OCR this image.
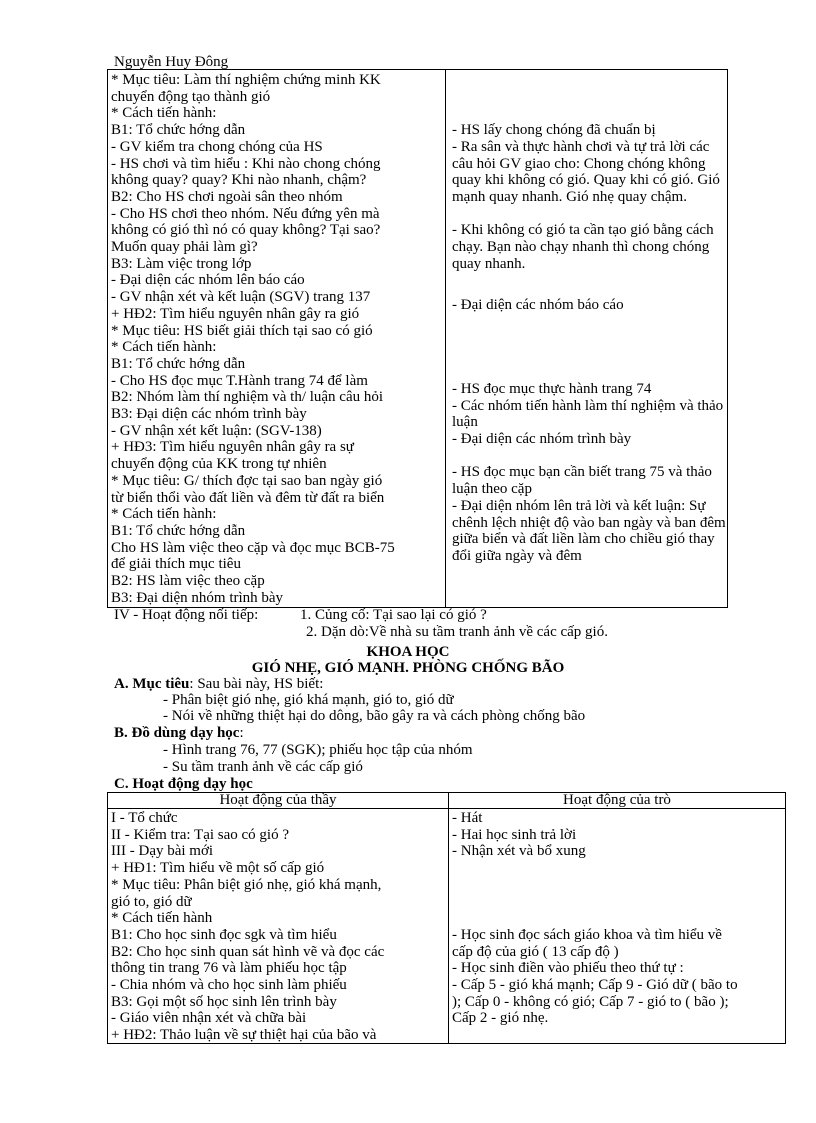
Nguyễn Huy Đông
* Mục tiêu: Làm thí nghiệm chứng minh KK
chuyển động tạo thành gió
* Cách tiến hành:
B1: Tổ chức hớng dẫn
- GV kiểm tra chong chóng của HS
- HS chơi và tìm hiểu : Khi nào chong chóng
không quay? quay? Khi nào nhanh, chậm?
B2: Cho HS chơi ngoài sân theo nhóm
- Cho HS chơi theo nhóm. Nếu đứng yên mà
không có gió thì nó có quay không? Tại sao?
Muốn quay phải làm gì?
B3: Làm việc trong lớp
- Đại diện các nhóm lên báo cáo
- GV nhận xét và kết luận (SGV) trang 137
+ HĐ2: Tìm hiểu nguyên nhân gây ra gió
* Mục tiêu: HS biết giải thích tại sao có gió
* Cách tiến hành:
B1: Tổ chức hớng dẫn
- Cho HS đọc mục T.Hành trang 74 để làm
B2: Nhóm làm thí nghiệm và th/ luận câu hỏi
B3: Đại diện các nhóm trình bày
- GV nhận xét kết luận: (SGV-138)
+ HĐ3: Tìm hiểu nguyên nhân gây ra sự
chuyển động của KK trong tự nhiên
* Mục tiêu: G/ thích đợc tại sao ban ngày gió
từ biển thổi vào đất liền và đêm từ đất ra biển
* Cách tiến hành:
B1: Tổ chức hớng dẫn
Cho HS làm việc theo cặp và đọc mục BCB-75
để giải thích mục tiêu
B2: HS làm việc theo cặp
B3: Đại diện nhóm trình bày
- HS lấy chong chóng đã chuẩn bị
- Ra sân và thực hành chơi và tự trả lời các
câu hỏi GV giao cho: Chong chóng không
quay khi không có gió. Quay khi có gió. Gió
mạnh quay nhanh. Gió nhẹ quay chậm.
- Khi không có gió ta cần tạo gió bằng cách
chạy. Bạn nào chạy nhanh thì chong chóng
quay nhanh.
- Đại diện các nhóm báo cáo
- HS đọc mục thực hành trang 74
- Các nhóm tiến hành làm thí nghiệm và thảo
luận
- Đại diện các nhóm trình bày
- HS đọc mục bạn cần biết trang 75 và thảo
luận theo cặp
- Đại diện nhóm lên trả lời và kết luận: Sự
chênh lệch nhiệt độ vào ban ngày và ban đêm
giữa biển và đất liền làm cho chiều gió thay
đổi giữa ngày và đêm
IV - Hoạt động nối tiếp:	1. Củng cố: Tại sao lại có gió ?
2. Dặn dò:Về nhà su tầm tranh ảnh về các cấp gió.
KHOA HỌC
GIÓ NHẸ, GIÓ MẠNH. PHÒNG CHỐNG BÃO
A. Mục tiêu: Sau bài này, HS biết:
- Phân biệt gió nhẹ, gió khá mạnh, gió to, gió dữ
- Nói về những thiệt hại do dông, bão gây ra và cách phòng chống bão
B. Đồ dùng dạy học:
- Hình trang 76, 77 (SGK); phiếu học tập của nhóm
- Su tầm tranh ảnh về các cấp gió
C. Hoạt động dạy học
Hoạt động của thầy	Hoạt động của trò
I - Tổ chức
II - Kiểm tra: Tại sao có gió ?
III - Dạy bài mới
+ HĐ1: Tìm hiểu về một số cấp gió
* Mục tiêu: Phân biệt gió nhẹ, gió khá mạnh,
gió to, gió dữ
* Cách tiến hành
B1: Cho học sinh đọc sgk và tìm hiểu
B2: Cho học sinh quan sát hình vẽ và đọc các
thông tin trang 76 và làm phiếu học tập
- Chia nhóm và cho học sinh làm phiếu
B3: Gọi một số học sinh lên trình bày
- Giáo viên nhận xét và chữa bài
+ HĐ2: Thảo luận về sự thiệt hại của bão và
- Hát
- Hai học sinh trả lời
- Nhận xét và bổ xung
- Học sinh đọc sách giáo khoa và tìm hiểu về
cấp độ của gió ( 13 cấp độ )
- Học sinh điền vào phiếu theo thứ tự :
- Cấp 5 - gió khá mạnh; Cấp 9 - Gió dữ ( bão to
); Cấp 0 - không có gió; Cấp 7 - gió to ( bão );
Cấp 2 - gió nhẹ.
